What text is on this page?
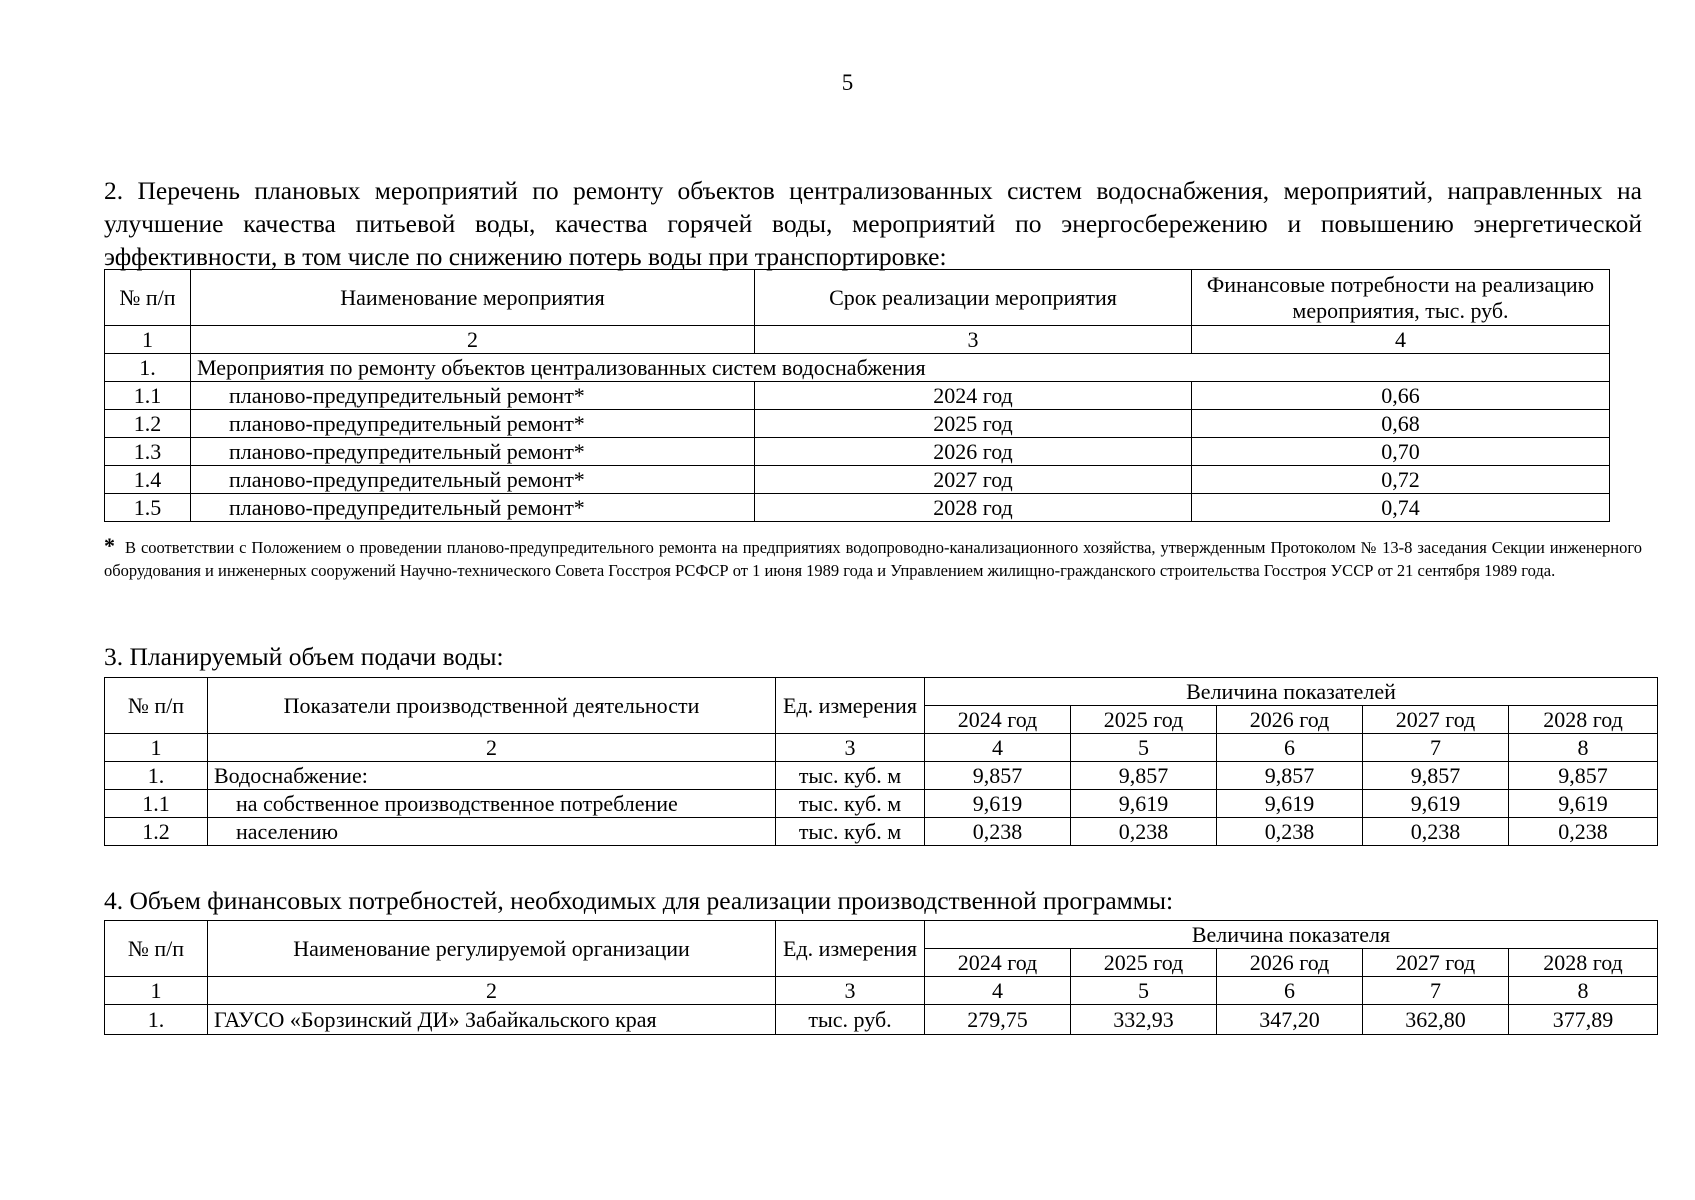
5
2. Перечень плановых мероприятий по ремонту объектов централизованных систем водоснабжения, мероприятий, направленных на улучшение качества питьевой воды, качества горячей воды, мероприятий по энергосбережению и повышению энергетической эффективности, в том числе по снижению потерь воды при транспортировке:
№ п/п	Наименование мероприятия	Срок реализации мероприятия	Финансовые потребности на реализацию мероприятия, тыс. руб.
1	2	3	4
1.	Мероприятия по ремонту объектов централизованных систем водоснабжения		
1.1	планово-предупредительный ремонт*	2024 год	0,66
1.2	планово-предупредительный ремонт*	2025 год	0,68
1.3	планово-предупредительный ремонт*	2026 год	0,70
1.4	планово-предупредительный ремонт*	2027 год	0,72
1.5	планово-предупредительный ремонт*	2028 год	0,74
* В соответствии с Положением о проведении планово-предупредительного ремонта на предприятиях водопроводно-канализационного хозяйства, утвержденным Протоколом № 13-8 заседания Секции инженерного оборудования и инженерных сооружений Научно-технического Совета Госстроя РСФСР от 1 июня 1989 года и Управлением жилищно-гражданского строительства Госстроя УССР от 21 сентября 1989 года.
3. Планируемый объем подачи воды:
№ п/п	Показатели производственной деятельности	Ед. измерения	Величина показателей				
			2024 год	2025 год	2026 год	2027 год	2028 год
1	2	3	4	5	6	7	8
1.	Водоснабжение:	тыс. куб. м	9,857	9,857	9,857	9,857	9,857
1.1	на собственное производственное потребление	тыс. куб. м	9,619	9,619	9,619	9,619	9,619
1.2	населению	тыс. куб. м	0,238	0,238	0,238	0,238	0,238
4. Объем финансовых потребностей, необходимых для реализации производственной программы:
№ п/п	Наименование регулируемой организации	Ед. измерения	Величина показателя				
			2024 год	2025 год	2026 год	2027 год	2028 год
1	2	3	4	5	6	7	8
1.	ГАУСО «Борзинский ДИ» Забайкальского края	тыс. руб.	279,75	332,93	347,20	362,80	377,89
